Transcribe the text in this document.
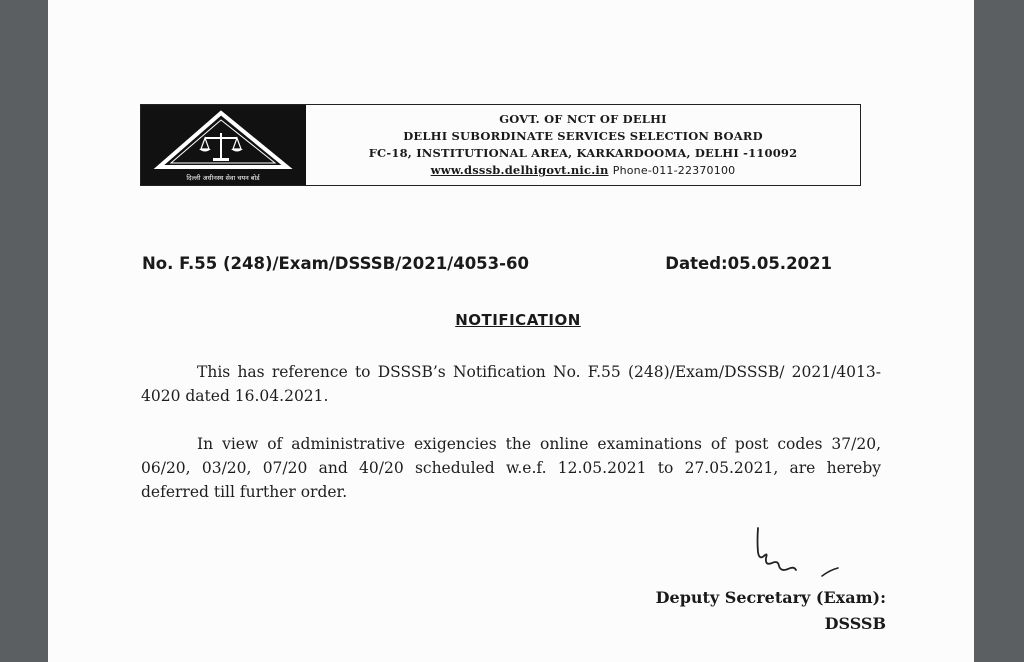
दिल्ली अधीनस्थ सेवा चयन बोर्ड
GOVT. OF NCT OF DELHI
DELHI SUBORDINATE SERVICES SELECTION BOARD
FC-18, INSTITUTIONAL AREA, KARKARDOOMA, DELHI -110092
www.dsssb.delhigovt.nic.in Phone-011-22370100
No. F.55 (248)/Exam/DSSSB/2021/4053-60	Dated:05.05.2021
NOTIFICATION
This has reference to DSSSB’s Notification No. F.55 (248)/Exam/DSSSB/ 2021/4013-4020 dated 16.04.2021.
In view of administrative exigencies the online examinations of post codes 37/20, 06/20, 03/20, 07/20 and 40/20 scheduled w.e.f. 12.05.2021 to 27.05.2021, are hereby deferred till further order.
Deputy Secretary (Exam):
DSSSB
